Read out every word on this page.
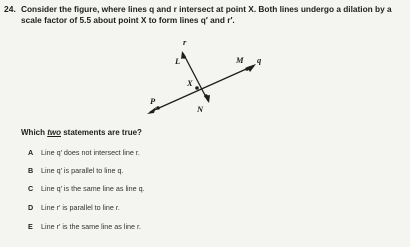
24. Consider the figure, where lines q and r intersect at point X. Both lines undergo a dilation by a scale factor of 5.5 about point X to form lines q′ and r′.
r
L	M q
X
P
N
Which two statements are true?
A Line q′ does not intersect line r.
B Line q′ is parallel to line q.
C Line q′ is the same line as line q.
D Line r′ is parallel to line r.
E Line r′ is the same line as line r.
